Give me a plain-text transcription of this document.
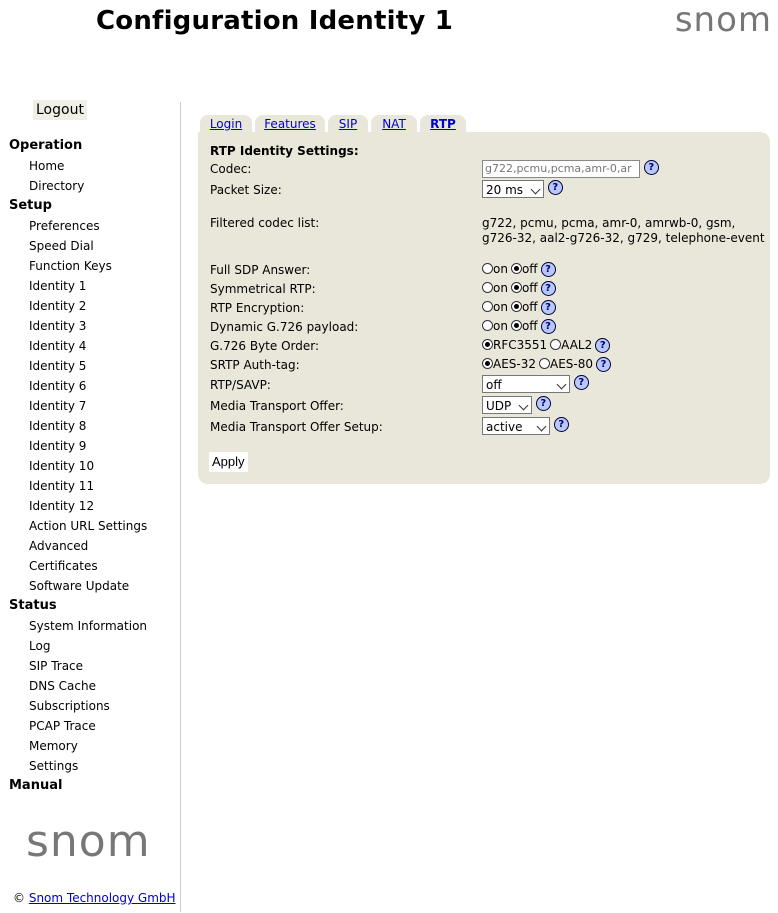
Configuration Identity 1	snom
Logout
Operation
Home
Directory
Setup
Preferences
Speed Dial
Function Keys
Identity 1
Identity 2
Identity 3
Identity 4
Identity 5
Identity 6
Identity 7
Identity 8
Identity 9
Identity 10
Identity 11
Identity 12
Action URL Settings
Advanced
Certificates
Software Update
Status
System Information
Log
SIP Trace
DNS Cache
Subscriptions
PCAP Trace
Memory
Settings
Manual
snom
© Snom Technology GmbH
Login	Features	SIP	NAT	RTP
RTP Identity Settings:
Codec:	g722,pcmu,pcma,amr-0,ar ?
Packet Size:	20 ms	?
Filtered codec list:	g722, pcmu, pcma, amr-0, amrwb-0, gsm,
g726-32, aal2-g726-32, g729, telephone-event
Full SDP Answer:	on off ?
Symmetrical RTP:	on off ?
RTP Encryption:	on off ?
Dynamic G.726 payload:	on off ?
G.726 Byte Order:	RFC3551 AAL2 ?
SRTP Auth-tag:	AES-32 AES-80 ?
RTP/SAVP:	off	?
Media Transport Offer:	UDP	?
Media Transport Offer Setup:	active	?
Apply
